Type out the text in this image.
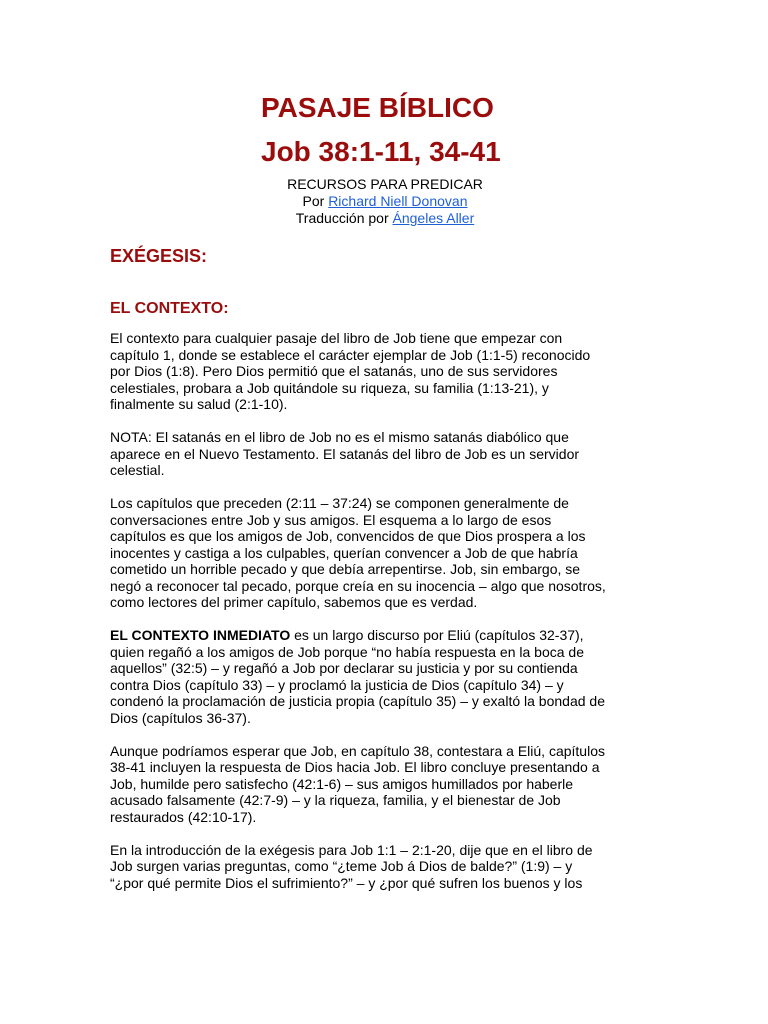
PASAJE BÍBLICO
Job 38:1-11, 34-41
RECURSOS PARA PREDICAR
Por Richard Niell Donovan
Traducción por Ángeles Aller
EXÉGESIS:
EL CONTEXTO:

El contexto para cualquier pasaje del libro de Job tiene que empezar con
capítulo 1, donde se establece el carácter ejemplar de Job (1:1-5) reconocido
por Dios (1:8). Pero Dios permitió que el satanás, uno de sus servidores
celestiales, probara a Job quitándole su riqueza, su familia (1:13-21), y
finalmente su salud (2:1-10).

NOTA: El satanás en el libro de Job no es el mismo satanás diabólico que
aparece en el Nuevo Testamento. El satanás del libro de Job es un servidor
celestial.

Los capítulos que preceden (2:11 – 37:24) se componen generalmente de
conversaciones entre Job y sus amigos. El esquema a lo largo de esos
capítulos es que los amigos de Job, convencidos de que Dios prospera a los
inocentes y castiga a los culpables, querían convencer a Job de que habría
cometido un horrible pecado y que debía arrepentirse. Job, sin embargo, se
negó a reconocer tal pecado, porque creía en su inocencia – algo que nosotros,
como lectores del primer capítulo, sabemos que es verdad.

EL CONTEXTO INMEDIATO es un largo discurso por Eliú (capítulos 32-37),
quien regañó a los amigos de Job porque “no había respuesta en la boca de
aquellos” (32:5) – y regañó a Job por declarar su justicia y por su contienda
contra Dios (capítulo 33) – y proclamó la justicia de Dios (capítulo 34) – y
condenó la proclamación de justicia propia (capítulo 35) – y exaltó la bondad de
Dios (capítulos 36-37).

Aunque podríamos esperar que Job, en capítulo 38, contestara a Eliú, capítulos
38-41 incluyen la respuesta de Dios hacia Job. El libro concluye presentando a
Job, humilde pero satisfecho (42:1-6) – sus amigos humillados por haberle
acusado falsamente (42:7-9) – y la riqueza, familia, y el bienestar de Job
restaurados (42:10-17).

En la introducción de la exégesis para Job 1:1 – 2:1-20, dije que en el libro de
Job surgen varias preguntas, como “¿teme Job á Dios de balde?” (1:9) – y
“¿por qué permite Dios el sufrimiento?” – y ¿por qué sufren los buenos y los
